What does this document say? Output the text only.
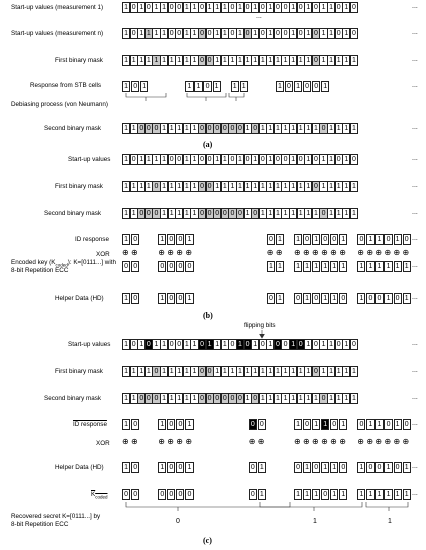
Start-up values (measurement 1)	1 0 1 0 1 1 0 0 1 1 0 1 1 1 0 1 0 1 0 1 0 0 1 0 1 0 1 1 0 1 0	...
...
Start-up values (measurement n)	1 0 1 1 1 1 0 0 1 1 0 0 1 1 0 1 0 1 0 1 0 0 1 0 1 0 1 1 0 1 0	...
First binary mask	1 1 1 1 1 1 1 1 1 1 0 0 1 1 1 1 1 1 1 1 1 1 1 1 1 0 1 1 1 1 1	...
Response from STB cells	1 0 1	1 1 0 1	1 1	1 0 1 0 0 1	...
Debiasing process (von Neumann)
Second binary mask	1 1 0 0 0 1 1 1 1 1 0 0 0 0 0 0 1 0 1 1 1 1 1 1 1 1 0 1 1 1 1	...
(a)
Start-up values	1 0 1 1 1 1 0 0 1 1 0 0 1 1 0 1 0 1 0 1 0 0 1 0 1 0 1 1 0 1 0	...
First binary mask	1 1 1 1 0 1 1 1 1 1 0 0 1 1 1 1 1 1 1 1 1 1 1 1 1 0 1 1 1 1 1	...
Second binary mask	1 1 0 0 0 1 1 1 1 1 0 0 0 0 0 0 1 0 1 1 1 1 1 1 1 1 0 1 1 1 1	...
ID response	1 0	1 0 0 1	0 1	1 0 1 0 0 1	0 1 1 0 1 0 ...
XOR ⊕ ⊕	⊕ ⊕ ⊕ ⊕	⊕ ⊕ ⊕ ⊕ ⊕ ⊕ ⊕ ⊕ ⊕ ⊕ ⊕ ⊕ ⊕ ⊕
Encoded key $(K_{coded})$: K=[0111...] with
8-bit Repetition ECC
0 0	0 0 0 0	1 1	1 1 1 1 1 1	1 1 1 1 1 1 ...
Helper Data (HD)	1 0	1 0 0 1	0 1	0 1 0 1 1 0	1 0 0 1 0 1 ...
(b)
flipping bits
Start-up values	1 0 1 0 1 1 0 0 1 1 0 1 1 1 0 1 0 1 0 1 0 0 1 0 1 0 1 1 0 1 0	...
First binary mask	1 1 1 1 0 1 1 1 1 1 0 0 1 1 1 1 1 1 1 1 1 1 1 1 1 0 1 1 1 1 1	...
Second binary mask	1 1 0 0 0 1 1 1 1 1 0 0 0 0 0 0 1 0 1 1 1 1 1 1 1 1 0 1 1 1 1	...
ID response	1 0	1 0 0 1	0 0	1 0 1 1 0 1	0 1 1 0 1 0 ...
XOR ⊕ ⊕	⊕ ⊕ ⊕ ⊕	⊕ ⊕	⊕ ⊕ ⊕ ⊕ ⊕ ⊕ ⊕ ⊕ ⊕ ⊕ ⊕ ⊕
Helper Data (HD)	1 0	1 0 0 1	0 1	0 1 0 1 1 0	1 0 0 1 0 1 ...
$K_{coded}$	0 0	0 0 0 0	0 1	1 1 1 0 1 1	1 1 1 1 1 1 ...
Recovered secret K=[0111...] by
8-bit Repetition ECC	0	1	1
(c)
